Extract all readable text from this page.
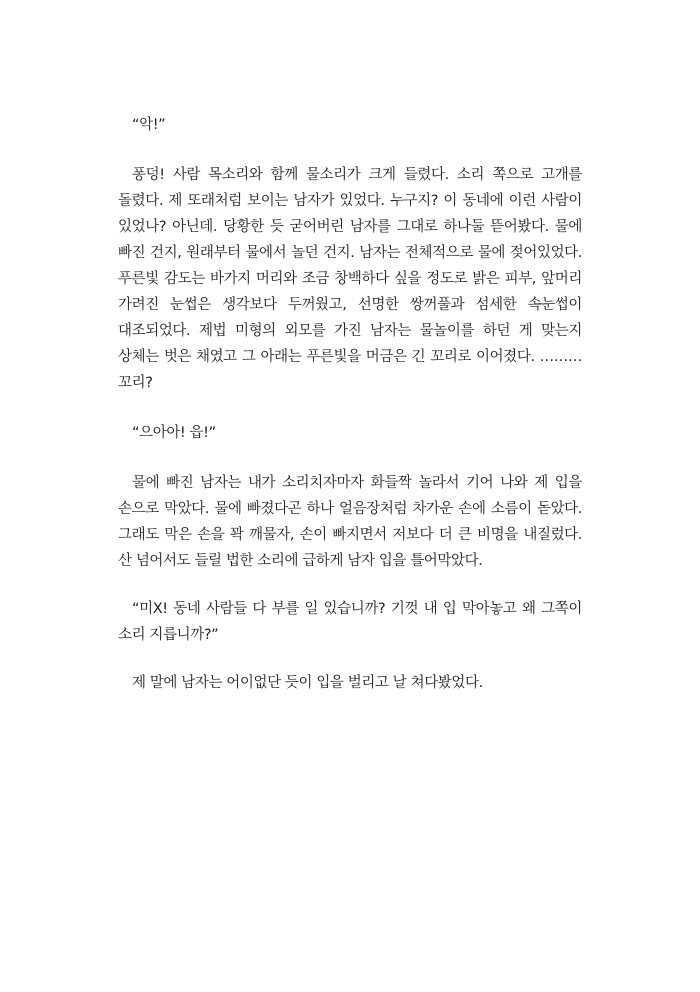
“악!”

퐁덩! 사람 목소리와 함께 물소리가 크게 들렸다. 소리 쪽으로 고개를 돌렸다. 제 또래처럼 보이는 남자가 있었다. 누구지? 이 동네에 이런 사람이 있었나? 아닌데. 당황한 듯 굳어버린 남자를 그대로 하나둘 뜯어봤다. 물에 빠진 건지, 원래부터 물에서 놀던 건지. 남자는 전체적으로 물에 젖어있었다. 푸른빛 감도는 바가지 머리와 조금 창백하다 싶을 정도로 밝은 피부, 앞머리 가려진 눈썹은 생각보다 두꺼웠고, 선명한 쌍꺼풀과 섬세한 속눈썹이 대조되었다. 제법 미형의 외모를 가진 남자는 물놀이를 하던 게 맞는지 상체는 벗은 채였고 그 아래는 푸른빛을 머금은 긴 꼬리로 이어졌다. ………꼬리?

“으아아! 읍!”

물에 빠진 남자는 내가 소리치자마자 화들짝 놀라서 기어 나와 제 입을 손으로 막았다. 물에 빠졌다곤 하나 얼음장처럼 차가운 손에 소름이 돋았다. 그래도 막은 손을 꽉 깨물자, 손이 빠지면서 저보다 더 큰 비명을 내질렀다. 산 넘어서도 들릴 법한 소리에 급하게 남자 입을 틀어막았다.

“미X! 동네 사람들 다 부를 일 있습니까? 기껏 내 입 막아놓고 왜 그쪽이 소리 지릅니까?”

제 말에 남자는 어이없단 듯이 입을 벌리고 날 쳐다봤었다.
